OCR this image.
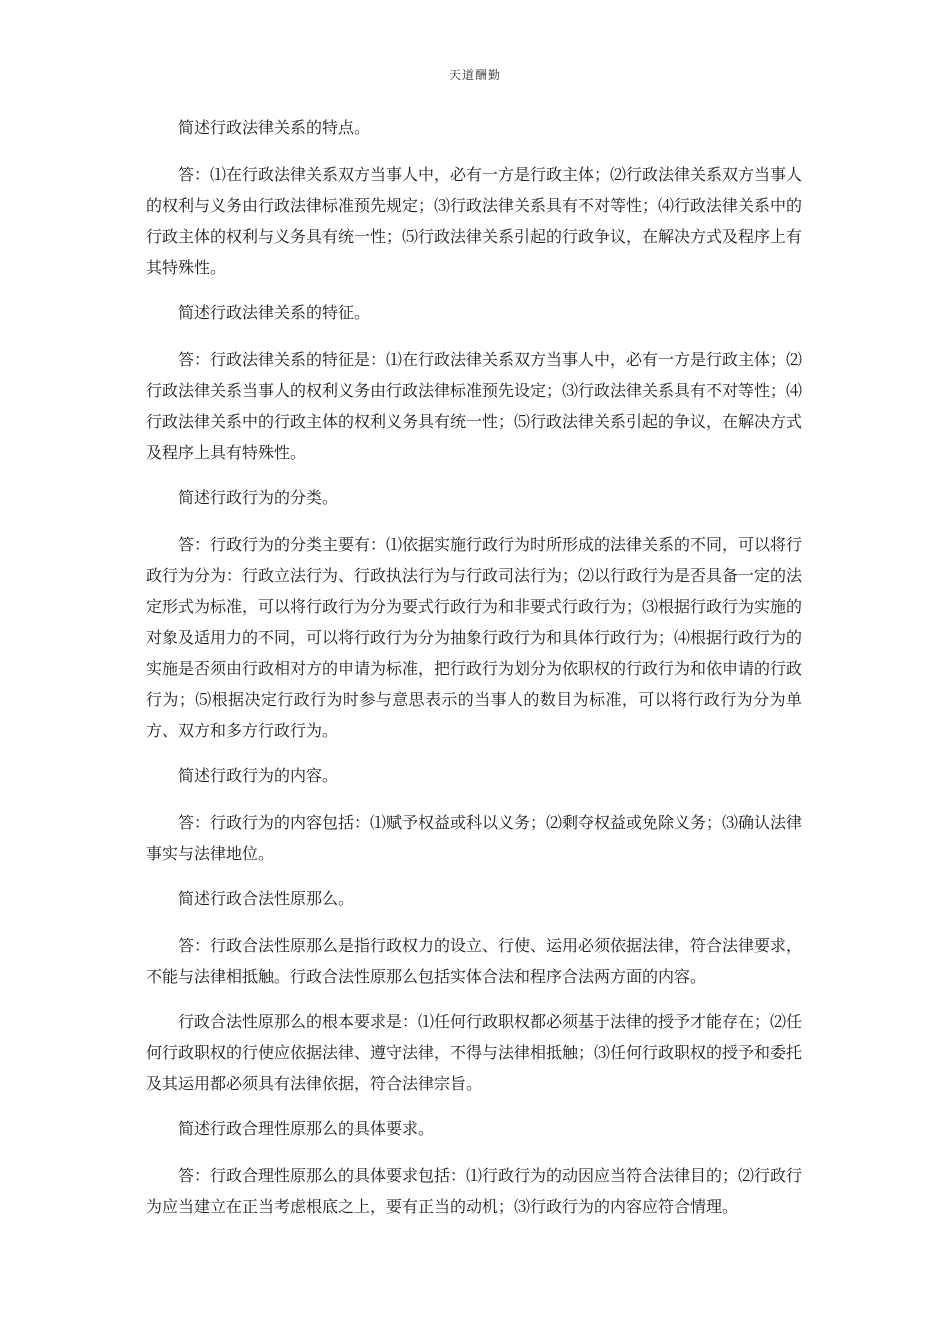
天道酬勤

简述行政法律关系的特点。

答：⑴在行政法律关系双方当事人中，必有一方是行政主体；⑵行政法律关系双方当事人的权利与义务由行政法律标准预先规定；⑶行政法律关系具有不对等性；⑷行政法律关系中的行政主体的权利与义务具有统一性；⑸行政法律关系引起的行政争议，在解决方式及程序上有其特殊性。

简述行政法律关系的特征。

答：行政法律关系的特征是：⑴在行政法律关系双方当事人中，必有一方是行政主体；⑵行政法律关系当事人的权利义务由行政法律标准预先设定；⑶行政法律关系具有不对等性；⑷行政法律关系中的行政主体的权利义务具有统一性；⑸行政法律关系引起的争议，在解决方式及程序上具有特殊性。

简述行政行为的分类。

答：行政行为的分类主要有：⑴依据实施行政行为时所形成的法律关系的不同，可以将行政行为分为：行政立法行为、行政执法行为与行政司法行为；⑵以行政行为是否具备一定的法定形式为标准，可以将行政行为分为要式行政行为和非要式行政行为；⑶根据行政行为实施的对象及适用力的不同，可以将行政行为分为抽象行政行为和具体行政行为；⑷根据行政行为的实施是否须由行政相对方的申请为标准，把行政行为划分为依职权的行政行为和依申请的行政行为；⑸根据决定行政行为时参与意思表示的当事人的数目为标准，可以将行政行为分为单方、双方和多方行政行为。

简述行政行为的内容。

答：行政行为的内容包括：⑴赋予权益或科以义务；⑵剩夺权益或免除义务；⑶确认法律事实与法律地位。

简述行政合法性原那么。

答：行政合法性原那么是指行政权力的设立、行使、运用必须依据法律，符合法律要求，不能与法律相抵触。行政合法性原那么包括实体合法和程序合法两方面的内容。

行政合法性原那么的根本要求是：⑴任何行政职权都必须基于法律的授予才能存在；⑵任何行政职权的行使应依据法律、遵守法律，不得与法律相抵触；⑶任何行政职权的授予和委托及其运用都必须具有法律依据，符合法律宗旨。

简述行政合理性原那么的具体要求。

答：行政合理性原那么的具体要求包括：⑴行政行为的动因应当符合法律目的；⑵行政行为应当建立在正当考虑根底之上，要有正当的动机；⑶行政行为的内容应符合情理。
